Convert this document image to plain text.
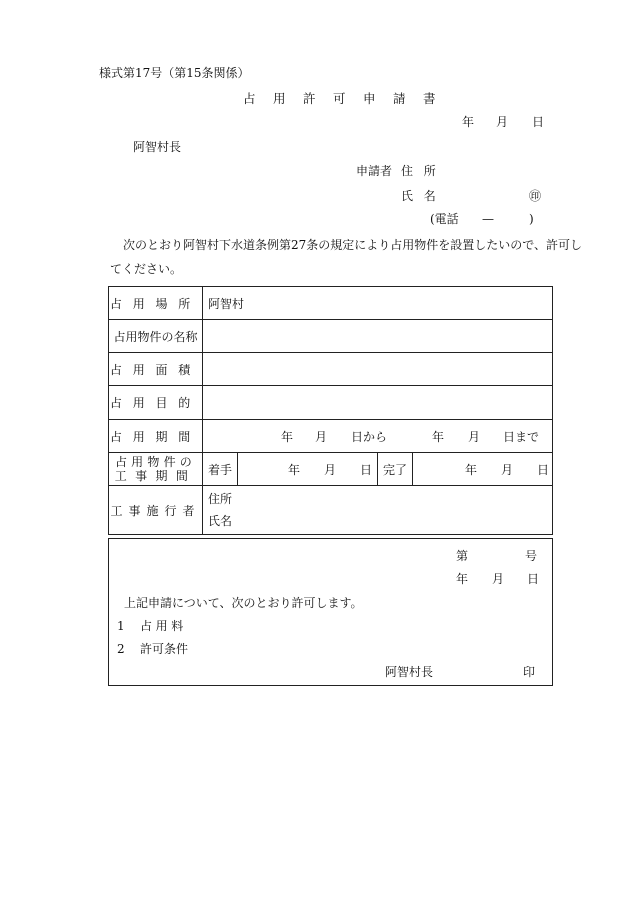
様式第17号（第15条関係）
占用許可申請書
年 月 日
阿智村長
申請者 住所
氏名	㊞
(電話 —	)
次のとおり阿智村下水道条例第27条の規定により占用物件を設置したいので、許可し
てください。
占用場所 阿智村
占用物件の名称
占用面積
占用目的
占用期間	年 月 日から	年 月 日まで
占用物件の
工事期間 着手	年 月 日 完了	年 月 日
工事施行者
住所
氏名
第	号
年 月 日
上記申請について、次のとおり許可します。
1 占用料
2 許可条件
阿智村長	印
